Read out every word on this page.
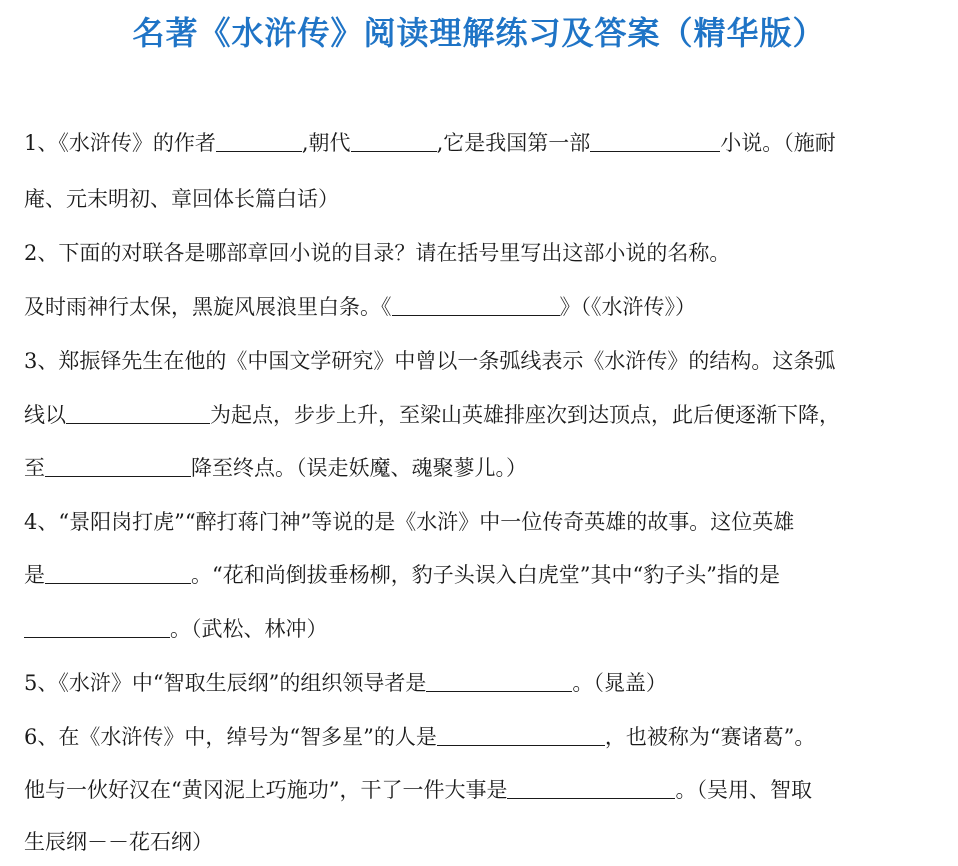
名著《水浒传》阅读理解练习及答案（精华版）
1、《水浒传》的作者	,朝代	,它是我国第一部	小说。（施耐
庵、元末明初、章回体长篇白话）
2、下面的对联各是哪部章回小说的目录？请在括号里写出这部小说的名称。
及时雨神行太保，黑旋风展浪里白条。《	》（《水浒传》）
3、郑振铎先生在他的《中国文学研究》中曾以一条弧线表示《水浒传》的结构。这条弧
线以	为起点，步步上升，至梁山英雄排座次到达顶点，此后便逐渐下降，
至	降至终点。（误走妖魔、魂聚蓼儿。）
4、“景阳岗打虎”“醉打蒋门神”等说的是《水浒》中一位传奇英雄的故事。这位英雄
是	。“花和尚倒拔垂杨柳，豹子头误入白虎堂”其中“豹子头”指的是
。（武松、林冲）
5、《水浒》中“智取生辰纲”的组织领导者是	。（晁盖）
6、在《水浒传》中，绰号为“智多星”的人是	，也被称为“赛诸葛”。
他与一伙好汉在“黄冈泥上巧施功”，干了一件大事是	。（吴用、智取
生辰纲－－花石纲）
